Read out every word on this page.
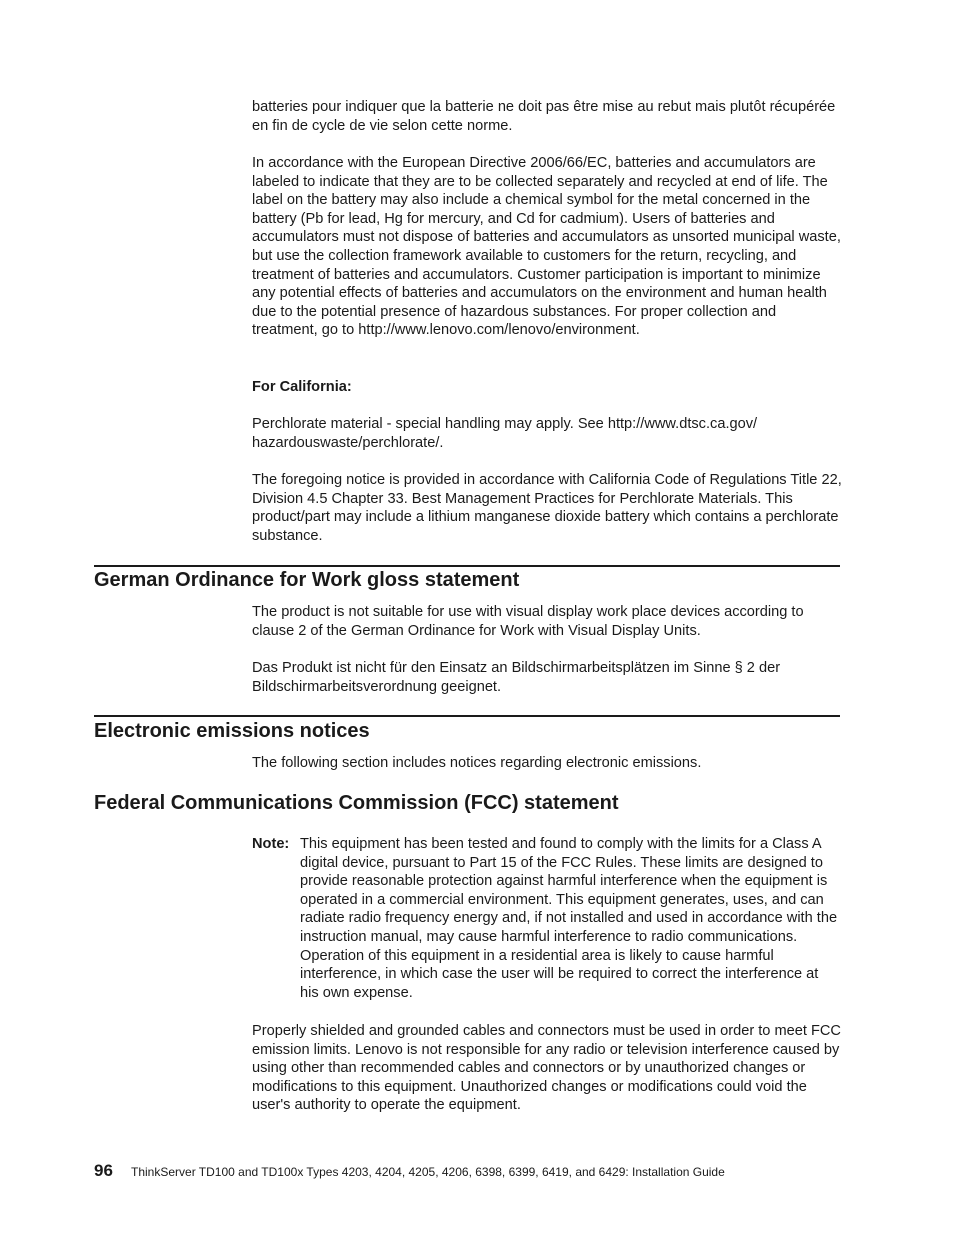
batteries pour indiquer que la batterie ne doit pas être mise au rebut mais plutôt récupérée en fin de cycle de vie selon cette norme.

In accordance with the European Directive 2006/66/EC, batteries and accumulators are labeled to indicate that they are to be collected separately and recycled at end of life. The label on the battery may also include a chemical symbol for the metal concerned in the battery (Pb for lead, Hg for mercury, and Cd for cadmium). Users of batteries and accumulators must not dispose of batteries and accumulators as unsorted municipal waste, but use the collection framework available to customers for the return, recycling, and treatment of batteries and accumulators. Customer participation is important to minimize any potential effects of batteries and accumulators on the environment and human health due to the potential presence of hazardous substances. For proper collection and treatment, go to http://www.lenovo.com/lenovo/environment.

For California:

Perchlorate material - special handling may apply. See http://www.dtsc.ca.gov/ hazardouswaste/perchlorate/.

The foregoing notice is provided in accordance with California Code of Regulations Title 22, Division 4.5 Chapter 33. Best Management Practices for Perchlorate Materials. This product/part may include a lithium manganese dioxide battery which contains a perchlorate substance.

German Ordinance for Work gloss statement

The product is not suitable for use with visual display work place devices according to clause 2 of the German Ordinance for Work with Visual Display Units.

Das Produkt ist nicht für den Einsatz an Bildschirmarbeitsplätzen im Sinne § 2 der Bildschirmarbeitsverordnung geeignet.

Electronic emissions notices

The following section includes notices regarding electronic emissions.

Federal Communications Commission (FCC) statement
Note: This equipment has been tested and found to comply with the limits for a Class A digital device, pursuant to Part 15 of the FCC Rules. These limits are designed to provide reasonable protection against harmful interference when the equipment is operated in a commercial environment. This equipment generates, uses, and can radiate radio frequency energy and, if not installed and used in accordance with the instruction manual, may cause harmful interference to radio communications. Operation of this equipment in a residential area is likely to cause harmful interference, in which case the user will be required to correct the interference at his own expense.

Properly shielded and grounded cables and connectors must be used in order to meet FCC emission limits. Lenovo is not responsible for any radio or television interference caused by using other than recommended cables and connectors or by unauthorized changes or modifications to this equipment. Unauthorized changes or modifications could void the user's authority to operate the equipment.

96 ThinkServer TD100 and TD100x Types 4203, 4204, 4205, 4206, 6398, 6399, 6419, and 6429: Installation Guide
